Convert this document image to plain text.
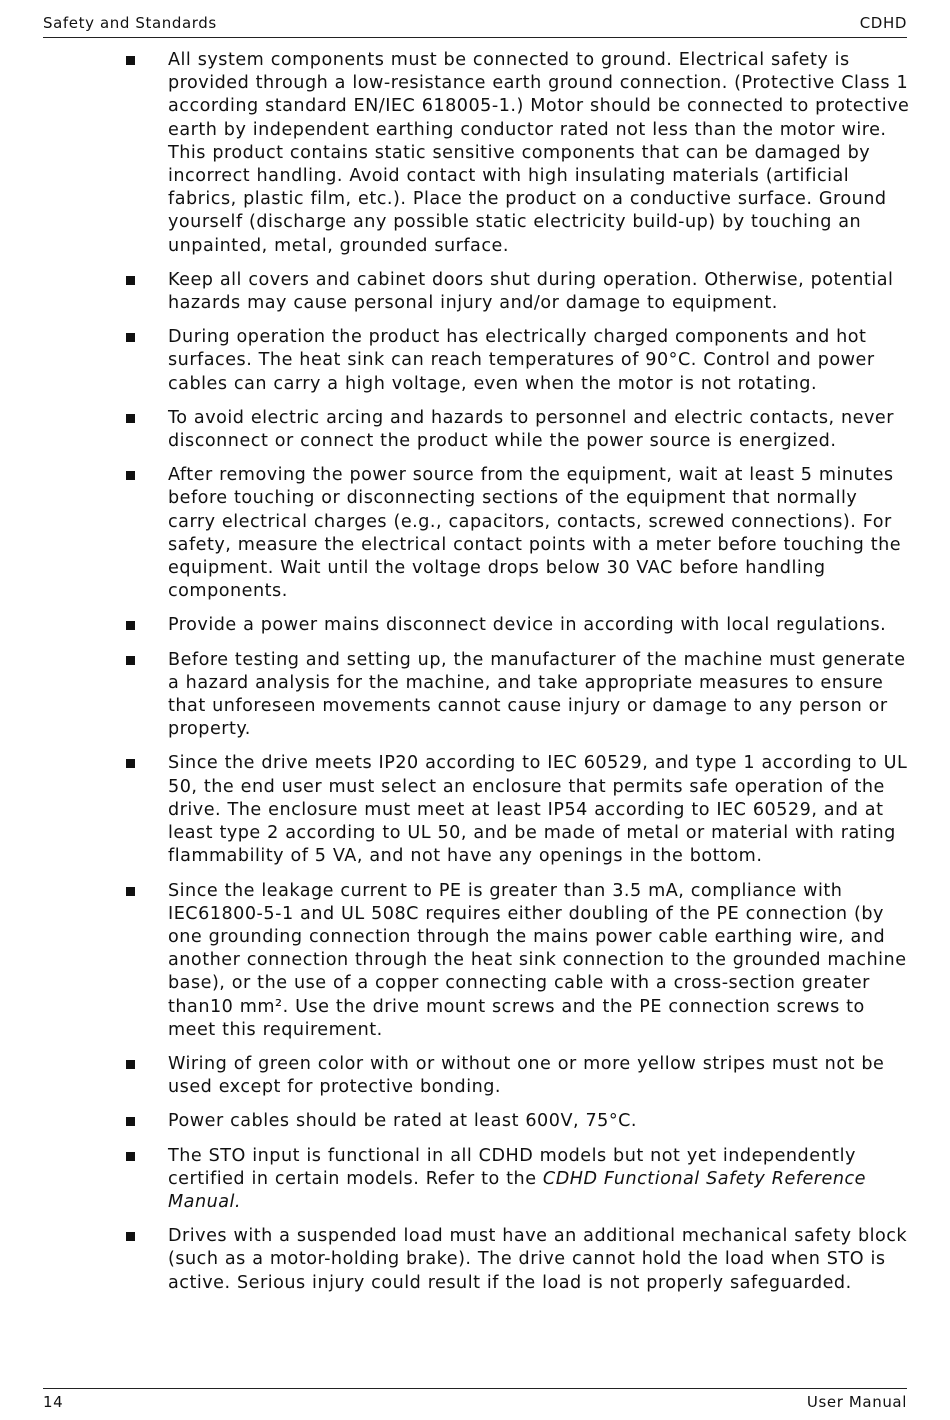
Safety and Standards	CDHD
All system components must be connected to ground. Electrical safety is provided through a low-resistance earth ground connection. (Protective Class 1 according standard EN/IEC 618005-1.) Motor should be connected to protective earth by independent earthing conductor rated not less than the motor wire. This product contains static sensitive components that can be damaged by incorrect handling. Avoid contact with high insulating materials (artificial fabrics, plastic film, etc.). Place the product on a conductive surface. Ground yourself (discharge any possible static electricity build-up) by touching an unpainted, metal, grounded surface.
Keep all covers and cabinet doors shut during operation. Otherwise, potential hazards may cause personal injury and/or damage to equipment.
During operation the product has electrically charged components and hot surfaces. The heat sink can reach temperatures of 90°C. Control and power cables can carry a high voltage, even when the motor is not rotating.
To avoid electric arcing and hazards to personnel and electric contacts, never disconnect or connect the product while the power source is energized.
After removing the power source from the equipment, wait at least 5 minutes before touching or disconnecting sections of the equipment that normally carry electrical charges (e.g., capacitors, contacts, screwed connections). For safety, measure the electrical contact points with a meter before touching the equipment. Wait until the voltage drops below 30 VAC before handling components.
Provide a power mains disconnect device in according with local regulations.
Before testing and setting up, the manufacturer of the machine must generate a hazard analysis for the machine, and take appropriate measures to ensure that unforeseen movements cannot cause injury or damage to any person or property.
Since the drive meets IP20 according to IEC 60529, and type 1 according to UL 50, the end user must select an enclosure that permits safe operation of the drive. The enclosure must meet at least IP54 according to IEC 60529, and at least type 2 according to UL 50, and be made of metal or material with rating flammability of 5 VA, and not have any openings in the bottom.
Since the leakage current to PE is greater than 3.5 mA, compliance with IEC61800-5-1 and UL 508C requires either doubling of the PE connection (by one grounding connection through the mains power cable earthing wire, and another connection through the heat sink connection to the grounded machine base), or the use of a copper connecting cable with a cross-section greater than10 mm². Use the drive mount screws and the PE connection screws to meet this requirement.
Wiring of green color with or without one or more yellow stripes must not be used except for protective bonding.
Power cables should be rated at least 600V, 75°C.
The STO input is functional in all CDHD models but not yet independently certified in certain models. Refer to the CDHD Functional Safety Reference Manual.
Drives with a suspended load must have an additional mechanical safety block (such as a motor-holding brake). The drive cannot hold the load when STO is active. Serious injury could result if the load is not properly safeguarded.
14	User Manual
